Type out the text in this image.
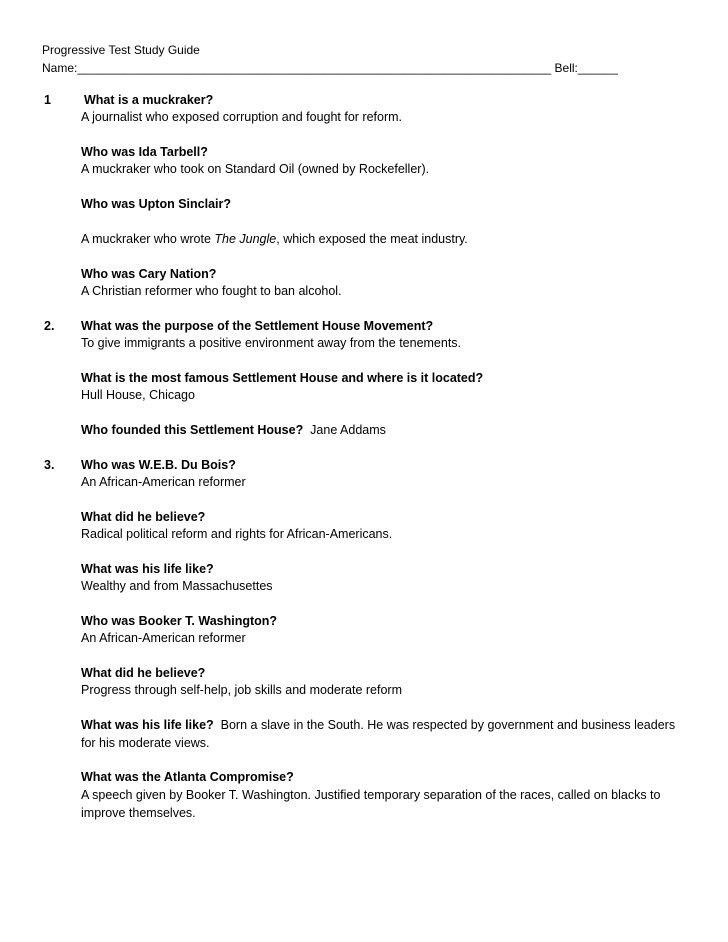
Progressive Test Study Guide
Name:_______________________________________________________________________ Bell:______
1	What is a muckraker?
A journalist who exposed corruption and fought for reform.
Who was Ida Tarbell?
A muckraker who took on Standard Oil (owned by Rockefeller).
Who was Upton Sinclair?
A muckraker who wrote The Jungle, which exposed the meat industry.
Who was Cary Nation?
A Christian reformer who fought to ban alcohol.
2. What was the purpose of the Settlement House Movement?
To give immigrants a positive environment away from the tenements.
What is the most famous Settlement House and where is it located?
Hull House, Chicago
Who founded this Settlement House? Jane Addams
3. Who was W.E.B. Du Bois?
An African-American reformer
What did he believe?
Radical political reform and rights for African-Americans.
What was his life like?
Wealthy and from Massachusettes
Who was Booker T. Washington?
An African-American reformer
What did he believe?
Progress through self-help, job skills and moderate reform
What was his life like? Born a slave in the South. He was respected by government and business leaders for his moderate views.
What was the Atlanta Compromise?
A speech given by Booker T. Washington. Justified temporary separation of the races, called on blacks to improve themselves.
